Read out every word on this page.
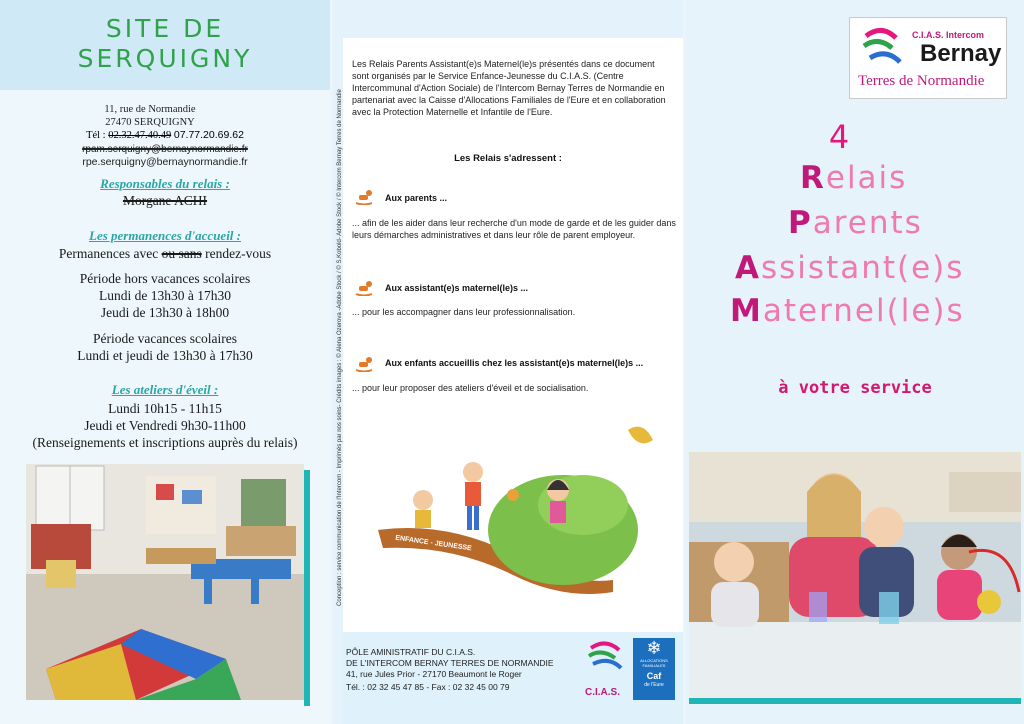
SITE DE
SERQUIGNY
11, rue de Normandie
27470 SERQUIGNY
Tél : 02.32.47.40.49 07.77.20.69.62
rpam.serquigny@bernaynormandie.fr
rpe.serquigny@bernaynormandie.fr
Responsables du relais :
Morgane ACHI
Les permanences d'accueil :
Permanences avec ou sans rendez-vous
Période hors vacances scolaires
Lundi de 13h30 à 17h30
Jeudi de 13h30 à 18h00
Période vacances scolaires
Lundi et jeudi de 13h30 à 17h30
Les ateliers d'éveil :
Lundi 10h15 - 11h15
Jeudi et Vendredi 9h30-11h00
(Renseignements et inscriptions auprès du relais)
Les Relais Parents Assistant(e)s Maternel(le)s présentés dans ce document sont organisés par le Service Enfance-Jeunesse du C.I.A.S. (Centre Intercommunal d'Action Sociale) de l'Intercom Bernay Terres de Normandie en partenariat avec la Caisse d'Allocations Familiales de l'Eure et en collaboration avec la Protection Maternelle et Infantile de l'Eure.
Les Relais s'adressent :
Conception : service communication de l'Intercom - Imprimés par nos soins- Crédits images : © Alena Ozerova -Adobe Stock / © S.Kobold- Adobe Stock / © Intercom Bernay Terres de Normandie	Aux parents ...
... afin de les aider dans leur recherche d'un mode de garde et de les guider dans leurs démarches administratives et dans leur rôle de parent employeur.
Aux assistant(e)s maternel(le)s ...
... pour les accompagner dans leur professionnalisation.
Aux enfants accueillis chez les assistant(e)s maternel(le)s ...
... pour leur proposer des ateliers d'éveil et de socialisation.
ENFANCE - JEUNESSE
PÔLE AMINISTRATIF DU C.I.A.S.
DE L'INTERCOM BERNAY TERRES DE NORMANDIE
41, rue Jules Prior - 27170 Beaumont le Roger
Tél. : 02 32 45 47 85 - Fax : 02 32 45 00 79	C.I.A.S.
❄
ALLOCATIONS
FAMILIALES
Caf
de l'Eure
C.I.A.S. Intercom
Bernay
Terres de Normandie
4
Relais
Parents
Assistant(e)s
Maternel(le)s
à votre service
